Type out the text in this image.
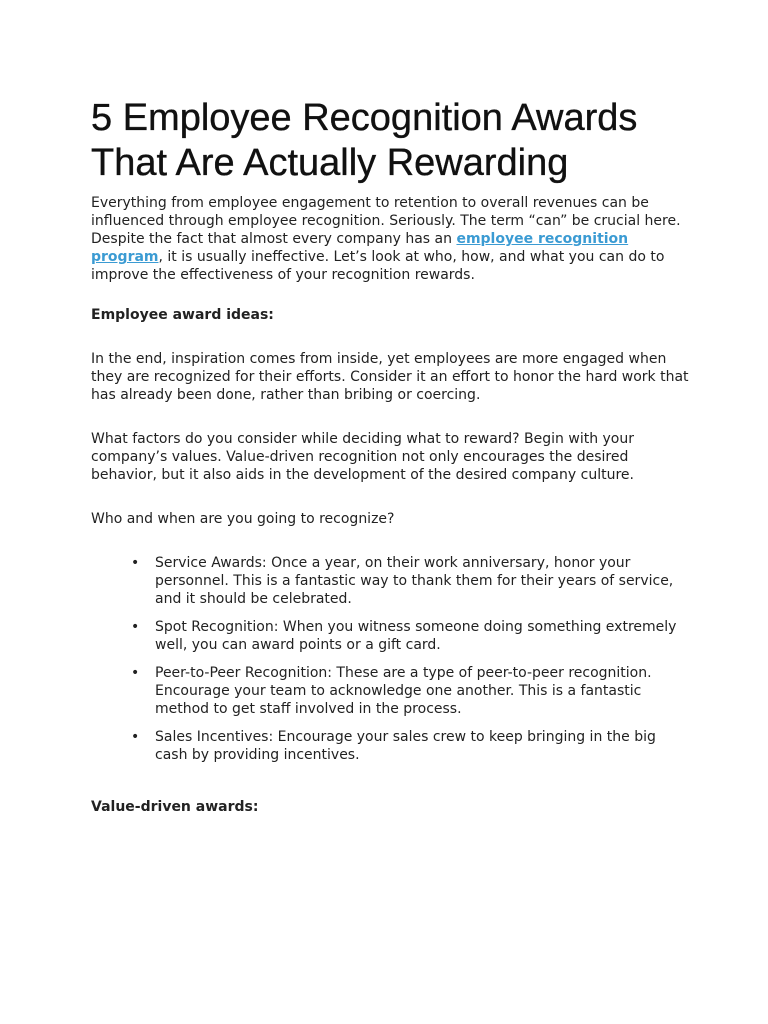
5 Employee Recognition Awards That Are Actually Rewarding

Everything from employee engagement to retention to overall revenues can be influenced through employee recognition. Seriously. The term “can” be crucial here. Despite the fact that almost every company has an employee recognition program, it is usually ineffective. Let’s look at who, how, and what you can do to improve the effectiveness of your recognition rewards.

Employee award ideas:

In the end, inspiration comes from inside, yet employees are more engaged when they are recognized for their efforts. Consider it an effort to honor the hard work that has already been done, rather than bribing or coercing.

What factors do you consider while deciding what to reward? Begin with your company’s values. Value-driven recognition not only encourages the desired behavior, but it also aids in the development of the desired company culture.

Who and when are you going to recognize?

• Service Awards: Once a year, on their work anniversary, honor your personnel. This is a fantastic way to thank them for their years of service, and it should be celebrated.
• Spot Recognition: When you witness someone doing something extremely well, you can award points or a gift card.
• Peer-to-Peer Recognition: These are a type of peer-to-peer recognition. Encourage your team to acknowledge one another. This is a fantastic method to get staff involved in the process.
• Sales Incentives: Encourage your sales crew to keep bringing in the big cash by providing incentives.

Value-driven awards:
